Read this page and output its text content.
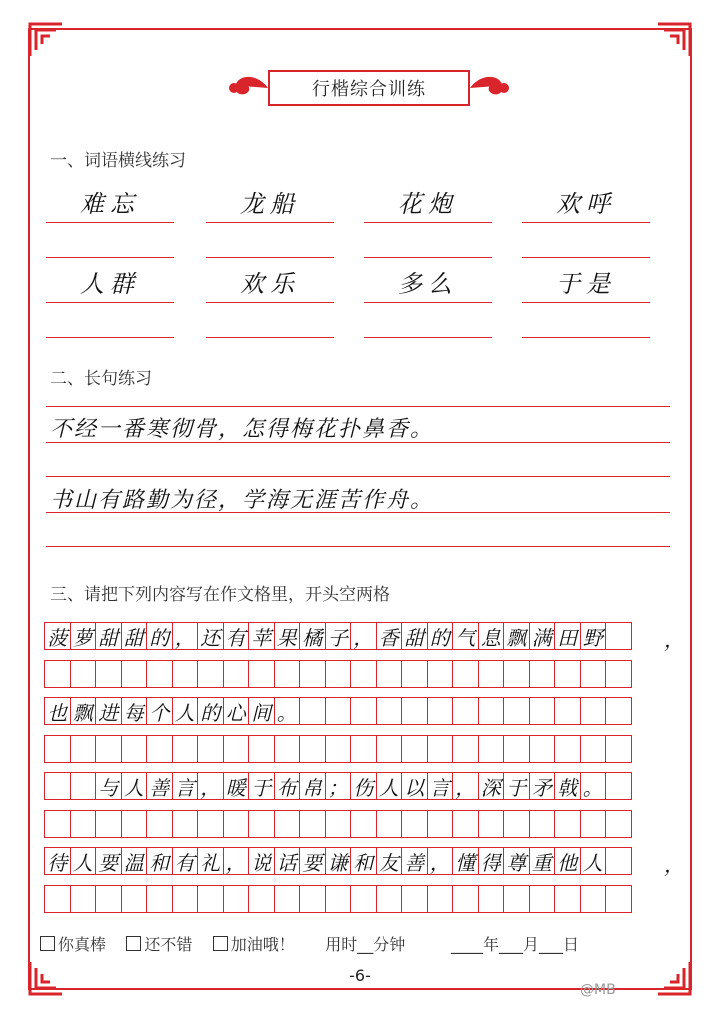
行楷综合训练
一、词语横线练习
难忘	龙船	花炮	欢呼
人群	欢乐	多么	于是
二、长句练习
不经一番寒彻骨，怎得梅花扑鼻香。
书山有路勤为径，学海无涯苦作舟。
三、请把下列内容写在作文格里，开头空两格
菠 萝 甜 甜 的 ， 还 有 苹 果 橘 子 ， 香 甜 的 气 息 飘 满 田 野	，
也 飘 进 每 个 人 的 心 间 。
与 人 善 言 ， 暖 于 布 帛 ； 伤 人 以 言 ， 深 于 矛 戟 。
待 人 要 温 和 有 礼 ， 说 话 要 谦 和 友 善 ， 懂 得 尊 重 他 人	，
你真棒 还不错 加油哦！ 用时__分钟	____年___月___日
-6-
@MB
